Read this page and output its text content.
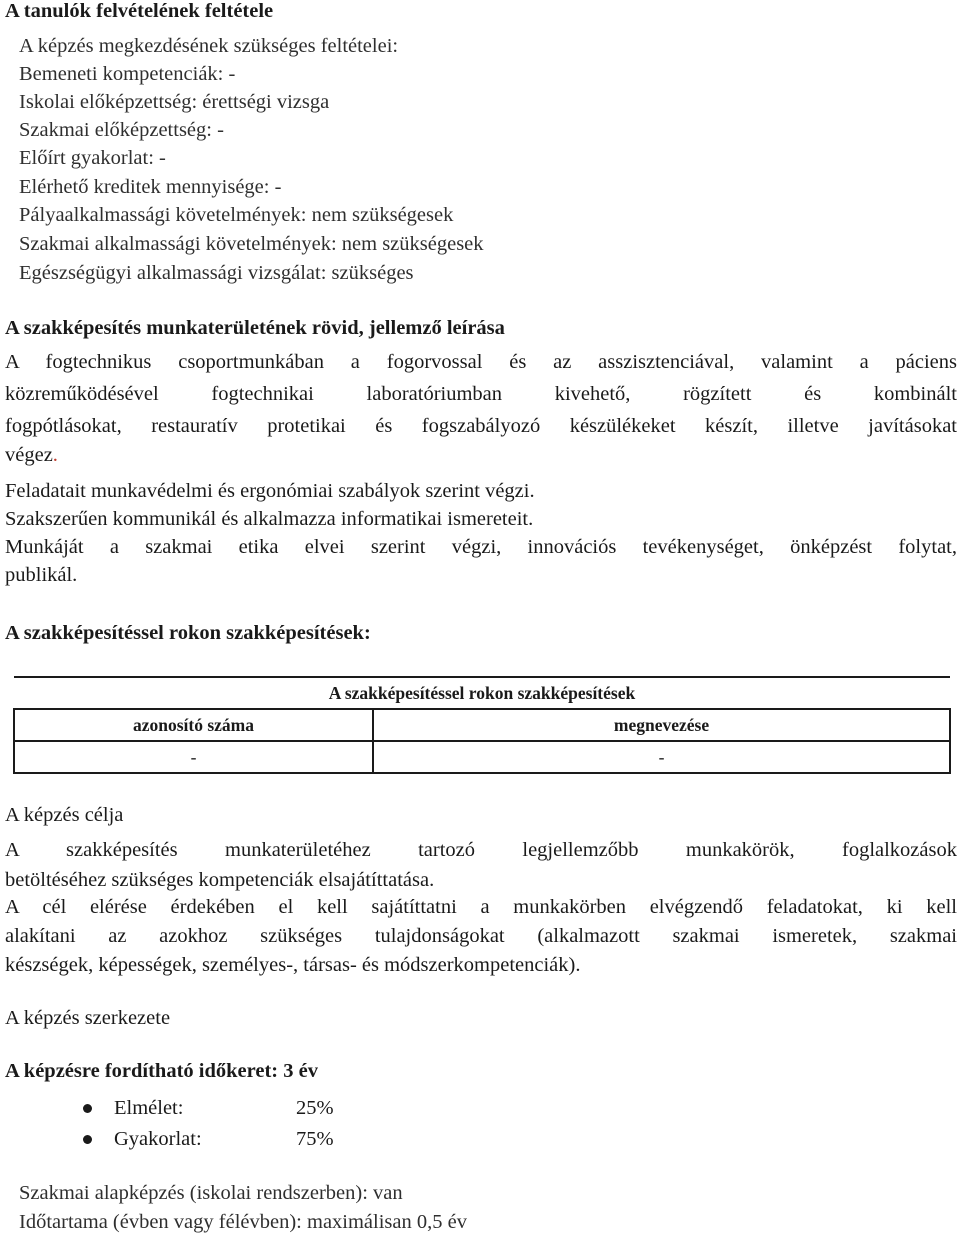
A tanulók felvételének feltétele
A képzés megkezdésének szükséges feltételei:
Bemeneti kompetenciák: -
Iskolai előképzettség: érettségi vizsga
Szakmai előképzettség: -
Előírt gyakorlat: -
Elérhető kreditek mennyisége: -
Pályaalkalmassági követelmények: nem szükségesek
Szakmai alkalmassági követelmények: nem szükségesek
Egészségügyi alkalmassági vizsgálat: szükséges
A szakképesítés munkaterületének rövid, jellemző leírása
A fogtechnikus csoportmunkában a fogorvossal és az asszisztenciával, valamint a páciens
közreműködésével fogtechnikai laboratóriumban kivehető, rögzített és kombinált
fogpótlásokat, restauratív protetikai és fogszabályozó készülékeket készít, illetve javításokat
végez.
Feladatait munkavédelmi és ergonómiai szabályok szerint végzi.
Szakszerűen kommunikál és alkalmazza informatikai ismereteit.
Munkáját a szakmai etika elvei szerint végzi, innovációs tevékenységet, önképzést folytat,
publikál.
A szakképesítéssel rokon szakképesítések:
A szakképesítéssel rokon szakképesítések	
azonosító száma	megnevezése
-	-
A képzés célja
A szakképesítés munkaterületéhez tartozó legjellemzőbb munkakörök, foglalkozások
betöltéséhez szükséges kompetenciák elsajátíttatása.
A cél elérése érdekében el kell sajátíttatni a munkakörben elvégzendő feladatokat, ki kell
alakítani az azokhoz szükséges tulajdonságokat (alkalmazott szakmai ismeretek, szakmai
készségek, képességek, személyes-, társas- és módszerkompetenciák).
A képzés szerkezete
A képzésre fordítható időkeret: 3 év
Elmélet:	25%
Gyakorlat:	75%
Szakmai alapképzés (iskolai rendszerben): van
Időtartama (évben vagy félévben): maximálisan 0,5 év
